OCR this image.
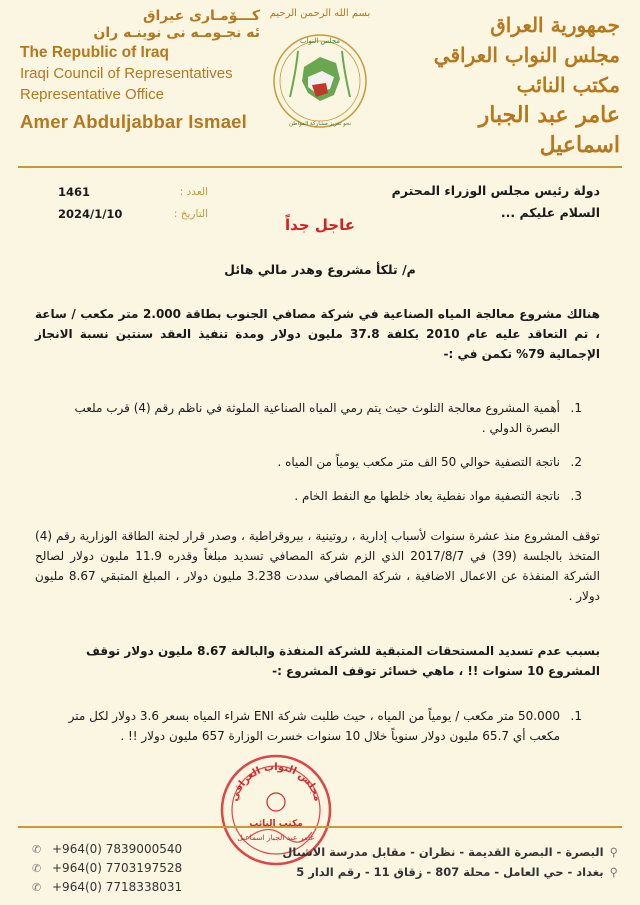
كـــۆمـارى عيراق
ئه نجـومـه نى نوينـه ران
The Republic of Iraq
Iraqi Council of Representatives
Representative Office
Amer Abduljabbar Ismael
بسم الله الرحمن الرحيم
مجلس النواب
نحو تعزيز مشاركة المواطن
جمهورية العراق
مجلس النواب العراقي
مكتب النائب
عامر عبد الجبار اسماعيل
1461	العدد :
2024/1/10	التاريخ :
دولة رئيس مجلس الوزراء المحترم
السلام عليكم ...
عاجل جداً
م/ تلكأ مشروع وهدر مالي هائل
هنالك مشروع معالجة المياه الصناعية في شركة مصافي الجنوب بطاقة 2.000 متر مكعب / ساعة ، تم التعاقد عليه عام 2010 بكلفة 37.8 مليون دولار ومدة تنفيذ العقد سنتين نسبة الانجاز الإجمالية 79% تكمن في :-
1.
أهمية المشروع معالجة التلوث حيث يتم رمي المياه الصناعية الملوثة في ناظم رقم (4) قرب ملعب البصرة الدولي .
2.
ناتجة التصفية حوالي 50 الف متر مكعب يومياً من المياه .
3.
ناتجة التصفية مواد نفطية يعاد خلطها مع النفط الخام .
توقف المشروع منذ عشرة سنوات لأسباب إدارية ، روتينية ، بيروقراطية ، وصدر قرار لجنة الطاقة الوزارية رقم (4) المتخذ بالجلسة (39) في 2017/8/7 الذي الزم شركة المصافي تسديد مبلغاً وقدره 11.9 مليون دولار لصالح الشركة المنفذة عن الاعمال الاضافية ، شركة المصافي سددت 3.238 مليون دولار ، المبلغ المتبقي 8.67 مليون دولار .
بسبب عدم تسديد المستحقات المتبقية للشركة المنفذة والبالغة 8.67 مليون دولار توقف المشروع 10 سنوات !! ، ماهي خسائر توقف المشروع :-
1.
50.000 متر مكعب / يومياً من المياه ، حيث طلبت شركة ENI شراء المياه بسعر 3.6 دولار لكل متر مكعب أي 65.7 مليون دولار سنوياً خلال 10 سنوات خسرت الوزارة 657 مليون دولار !! .
مجلس النواب العراقي
مكتب النائب
عامر عبد الجبار اسماعيل
✆ +964(0) 7839000540
✆ +964(0) 7703197528
✆ +964(0) 7718338031
⚲البصرة - البصرة القديمة - نظران - مقابل مدرسة الاشبال
⚲بغداد - حي العامل - محلة 807 - زقاق 11 - رقم الدار 5
